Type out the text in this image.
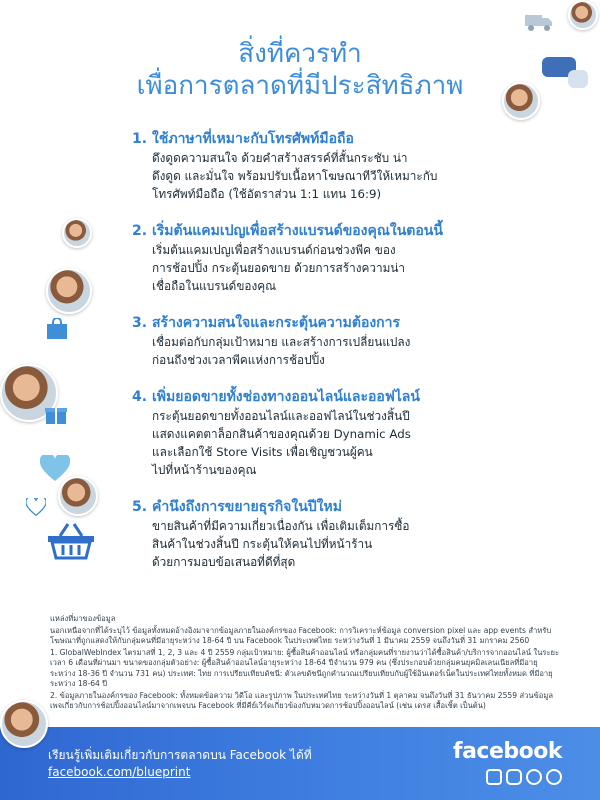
สิ่งที่ควรทำ
เพื่อการตลาดที่มีประสิทธิภาพ
1. ใช้ภาษาที่เหมาะกับโทรศัพท์มือถือ
ดึงดูดความสนใจ ด้วยคำสร้างสรรค์ที่สั้นกระชับ น่า
ดึงดูด และมั่นใจ พร้อมปรับเนื้อหาโฆษณาทีวีให้เหมาะกับ
โทรศัพท์มือถือ (ใช้อัตราส่วน 1:1 แทน 16:9)
2. เริ่มต้นแคมเปญเพื่อสร้างแบรนด์ของคุณในตอนนี้
เริ่มต้นแคมเปญเพื่อสร้างแบรนด์ก่อนช่วงพีค ของ
การช้อปปิ้ง กระตุ้นยอดขาย ด้วยการสร้างความน่า
เชื่อถือในแบรนด์ของคุณ
3. สร้างความสนใจและกระตุ้นความต้องการ
เชื่อมต่อกับกลุ่มเป้าหมาย และสร้างการเปลี่ยนแปลง
ก่อนถึงช่วงเวลาพีคแห่งการช้อปปิ้ง
4. เพิ่มยอดขายทั้งช่องทางออนไลน์และออฟไลน์
กระตุ้นยอดขายทั้งออนไลน์และออฟไลน์ในช่วงสิ้นปี
แสดงแคตตาล็อกสินค้าของคุณด้วย Dynamic Ads
และเลือกใช้ Store Visits เพื่อเชิญชวนผู้คน
ไปที่หน้าร้านของคุณ
5. คำนึงถึงการขยายธุรกิจในปีใหม่
ขายสินค้าที่มีความเกี่ยวเนื่องกัน เพื่อเติมเต็มการซื้อ
สินค้าในช่วงสิ้นปี กระตุ้นให้คนไปที่หน้าร้าน
ด้วยการมอบข้อเสนอที่ดีที่สุด

แหล่งที่มาของข้อมูล

นอกเหนือจากที่ได้ระบุไว้ ข้อมูลทั้งหมดอ้างอิงมาจากข้อมูลภายในองค์กรของ Facebook: การวิเคราะห์ข้อมูล conversion pixel และ app events สำหรับโฆษณาที่ถูกแสดงให้กับกลุ่มคนที่มีอายุระหว่าง 18-64 ปี บน Facebook ในประเทศไทย ระหว่างวันที่ 1 มีนาคม 2559 จนถึงวันที่ 31 มกราคม 2560

1. GlobalWebIndex ไตรมาสที่ 1, 2, 3 และ 4 ปี 2559 กลุ่มเป้าหมาย: ผู้ซื้อสินค้าออนไลน์ หรือกลุ่มคนที่รายงานว่าได้ซื้อสินค้า/บริการจากออนไลน์ ในระยะเวลา 6 เดือนที่ผ่านมา ขนาดของกลุ่มตัวอย่าง: ผู้ซื้อสินค้าออนไลน์อายุระหว่าง 18-64 ปีจำนวน 979 คน (ซึ่งประกอบด้วยกลุ่มคนยุคมิลเลนเนียลที่มีอายุระหว่าง 18-36 ปี จำนวน 731 คน) ประเทศ: ไทย การเปรียบเทียบดัชนี: ตัวเลขดัชนีถูกคำนวณเปรียบเทียบกับผู้ใช้อินเตอร์เน็ตในประเทศไทยทั้งหมด ที่มีอายุระหว่าง 18-64 ปี

2. ข้อมูลภายในองค์กรของ Facebook: ทั้งหมดข้อความ วิดีโอ และรูปภาพ ในประเทศไทย ระหว่างวันที่ 1 ตุลาคม จนถึงวันที่ 31 ธันวาคม 2559 ส่วนข้อมูลเพจเกี่ยวกับการช้อปปิ้งออนไลน์มาจากเพจบน Facebook ที่มีคีย์เวิร์ดเกี่ยวข้องกับหมวดการช้อปปิ้งออนไลน์ (เช่น เดรส เสื้อเชิ้ต เป็นต้น)

เรียนรู้เพิ่มเติมเกี่ยวกับการตลาดบน Facebook ได้ที่
facebook.com/blueprint
facebook
